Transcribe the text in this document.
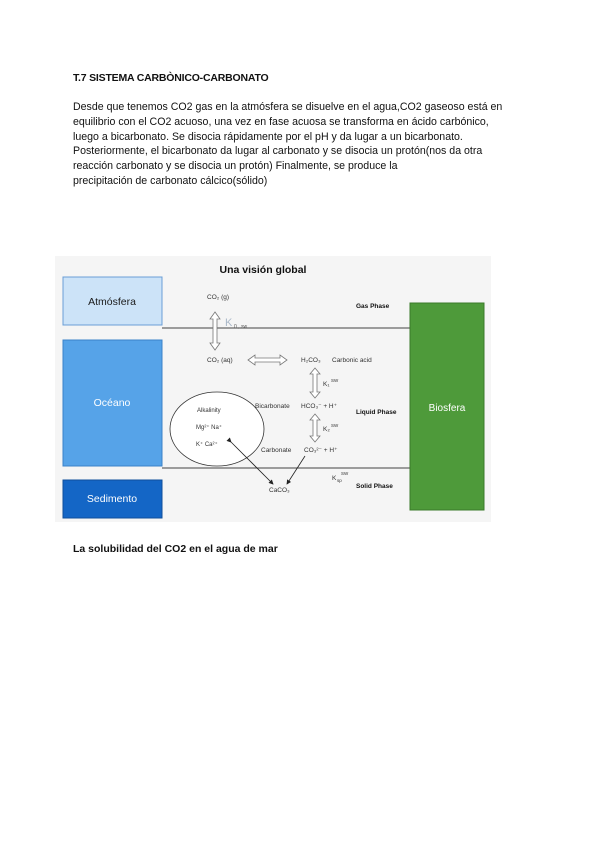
T.7 SISTEMA CARBÒNICO-CARBONATO
Desde que tenemos CO2 gas en la atmósfera se disuelve en el agua,CO2 gaseoso está en
equilibrio con el CO2 acuoso, una vez en fase acuosa se transforma en ácido carbónico,
luego a bicarbonato. Se disocia rápidamente por el pH y da lugar a un bicarbonato.
Posteriormente, el bicarbonato da lugar al carbonato y se disocia un protón(nos da otra
reacción carbonato y se disocia un protón) Finalmente, se produce la
precipitación de carbonato cálcico(sólido)
Una visión global
Atmósfera
Océano
Sedimento
Biosfera
Gas Phase
Liquid Phase
Solid Phase
CO₂ (g)
K 0 , sw
CO₂ (aq)	H₂CO₃ Carbonic acid
K₁
SW
Bicarbonate HCO₃⁻ + H⁺
K₂
SW
Carbonate CO₃²⁻ + H⁺
K sp
SW
CaCO₃
Alkalinity
Mg²⁺ Na⁺
K⁺ Ca²⁺
La solubilidad del CO2 en el agua de mar
